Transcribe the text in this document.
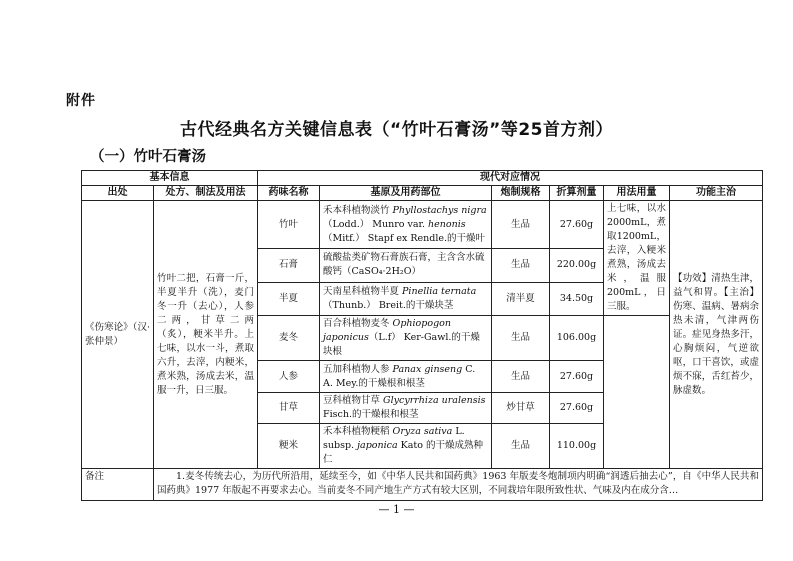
附件
古代经典名方关键信息表（“竹叶石膏汤”等25首方剂）
（一）竹叶石膏汤
基本信息		现代对应情况					
出处	处方、制法及用法	药味名称	基原及用药部位	炮制规格	折算剂量	用法用量	功能主治
《伤寒论》（汉·张仲景）	竹叶二把，石膏一斤，半夏半升（洗），麦门冬一升（去心），人参二两，甘草二两（炙），粳米半升。上七味，以水一斗，煮取六升，去滓，内粳米，煮米熟，汤成去米，温服一升，日三服。	竹叶	禾本科植物淡竹 Phyllostachys nigra
（Lodd.） Munro var. henonis
（Mitf.） Stapf ex Rendle.的干燥叶	生品	27.60g	上七味，以水2000mL，煮取1200mL，去滓，入粳米煮熟，汤成去米，温服200mL，日三服。	【功效】清热生津，益气和胃。【主治】伤寒、温病、暑病余热未清，气津两伤证。症见身热多汗，心胸烦闷，气逆欲呕，口干喜饮，或虚烦不寐，舌红苔少，脉虚数。
		石膏	硫酸盐类矿物石膏族石膏，主含含水硫酸钙（CaSO₄·2H₂O）	生品	220.00g		
		半夏	天南星科植物半夏 Pinellia ternata
（Thunb.） Breit.的干燥块茎	清半夏	34.50g		
		麦冬	百合科植物麦冬 Ophiopogon japonicus（L.f） Ker-Gawl.的干燥块根	生品	106.00g		
		人参	五加科植物人参 Panax ginseng C. A. Mey.的干燥根和根茎	生品	27.60g		
		甘草	豆科植物甘草 Glycyrrhiza uralensis Fisch.的干燥根和根茎	炒甘草	27.60g		
		粳米	禾本科植物粳稻 Oryza sativa L. subsp. japonica Kato 的干燥成熟种仁	生品	110.00g		
备注	1.麦冬传统去心，为历代所沿用，延续至今，如《中华人民共和国药典》1963 年版麦冬炮制项内明确“润透后抽去心”，自《中华人民共和国药典》1977 年版起不再要求去心。当前麦冬不同产地生产方式有较大区别，不同栽培年限所致性状、气味及内在成分含…						
— 1 —
